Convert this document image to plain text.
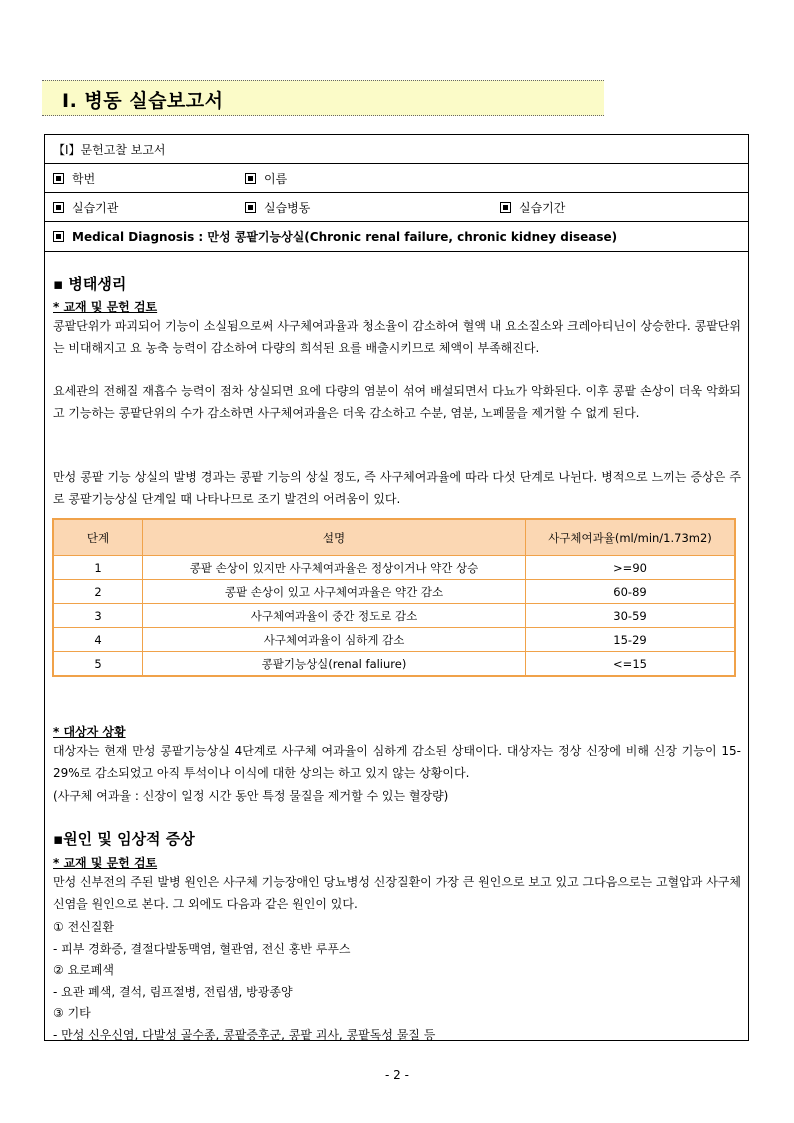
Ⅰ. 병동 실습보고서
【Ⅰ】문헌고찰 보고서
학번	이름
실습기관	실습병동	실습기간
Medical Diagnosis : 만성 콩팥기능상실(Chronic renal failure, chronic kidney disease)
▪ 병태생리
* 교재 및 문헌 검토
콩팥단위가 파괴되어 기능이 소실됨으로써 사구체여과율과 청소율이 감소하여 혈액 내 요소질소와 크레아티닌이 상승한다. 콩팥단위는 비대해지고 요 농축 능력이 감소하여 다량의 희석된 요를 배출시키므로 체액이 부족해진다.
요세관의 전해질 재흡수 능력이 점차 상실되면 요에 다량의 염분이 섞여 배설되면서 다뇨가 악화된다. 이후 콩팥 손상이 더욱 악화되고 기능하는 콩팥단위의 수가 감소하면 사구체여과율은 더욱 감소하고 수분, 염분, 노폐물을 제거할 수 없게 된다.
만성 콩팥 기능 상실의 발병 경과는 콩팥 기능의 상실 정도, 즉 사구체여과율에 따라 다섯 단계로 나뉜다. 병적으로 느끼는 증상은 주로 콩팥기능상실 단계일 때 나타나므로 조기 발견의 어려움이 있다.
단계	설명	사구체여과율(ml/min/1.73m2)
1	콩팥 손상이 있지만 사구체여과율은 정상이거나 약간 상승	>=90
2	콩팥 손상이 있고 사구체여과율은 약간 감소	60-89
3	사구체여과율이 중간 정도로 감소	30-59
4	사구체여과율이 심하게 감소	15-29
5	콩팥기능상실(renal faliure)	<=15
* 대상자 상황
대상자는 현재 만성 콩팥기능상실 4단계로 사구체 여과율이 심하게 감소된 상태이다. 대상자는 정상 신장에 비해 신장 기능이 15-29%로 감소되었고 아직 투석이나 이식에 대한 상의는 하고 있지 않는 상황이다.
(사구체 여과율 : 신장이 일정 시간 동안 특정 물질을 제거할 수 있는 혈장량)
▪원인 및 임상적 증상
* 교재 및 문헌 검토
만성 신부전의 주된 발병 원인은 사구체 기능장애인 당뇨병성 신장질환이 가장 큰 원인으로 보고 있고 그다음으로는 고혈압과 사구체신염을 원인으로 본다. 그 외에도 다음과 같은 원인이 있다.
① 전신질환
- 피부 경화증, 결절다발동맥염, 혈관염, 전신 홍반 루푸스
② 요로폐색
- 요관 폐색, 결석, 림프절병, 전립샘, 방광종양
③ 기타
- 만성 신우신염, 다발성 골수종, 콩팥증후군, 콩팥 괴사, 콩팥독성 물질 등
- 2 -
